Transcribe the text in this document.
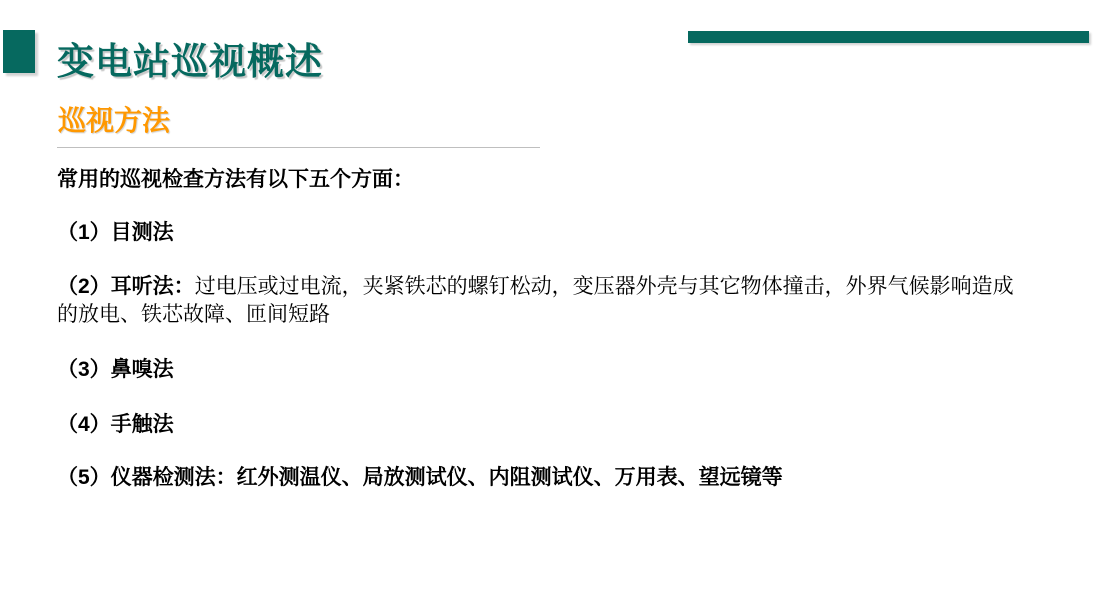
变电站巡视概述
巡视方法

常用的巡视检查方法有以下五个方面：

（1）目测法

（2）耳听法：过电压或过电流，夹紧铁芯的螺钉松动，变压器外壳与其它物体撞击，外界气候影响造成的放电、铁芯故障、匝间短路

（3）鼻嗅法

（4）手触法

（5）仪器检测法：红外测温仪、局放测试仪、内阻测试仪、万用表、望远镜等
